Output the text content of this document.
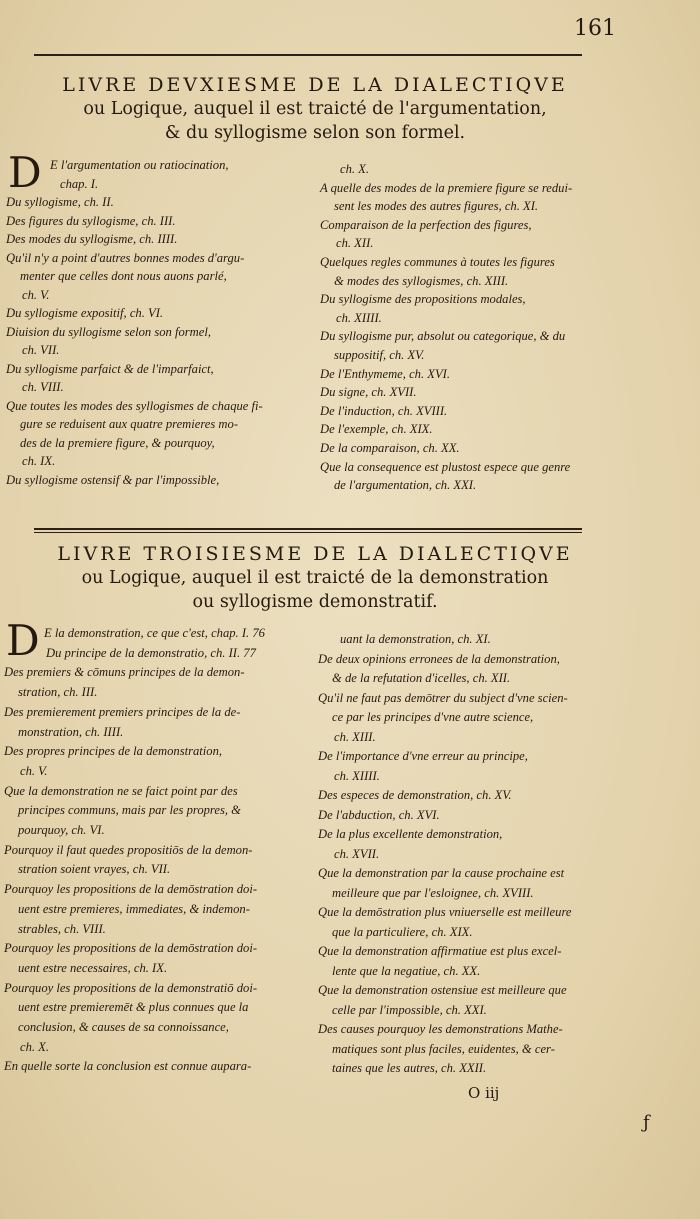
161
LIVRE DEVXIESME DE LA DIALECTIQVE
ou Logique, auquel il est traicté de l'argumentation,
& du syllogisme selon son formel.
E l'argumentation ou ratiocination,
chap. I.
Du syllogisme, ch. II.
Des figures du syllogisme, ch. III.
Des modes du syllogisme, ch. IIII.
Qu'il n'y a point d'autres bonnes modes d'argu-
menter que celles dont nous auons parlé,
ch. V.
Du syllogisme expositif, ch. VI.
Diuision du syllogisme selon son formel,
ch. VII.
Du syllogisme parfaict & de l'imparfaict,
ch. VIII.
Que toutes les modes des syllogismes de chaque fi-
gure se reduisent aux quatre premieres mo-
des de la premiere figure, & pourquoy,
ch. IX.
Du syllogisme ostensif & par l'impossible,
ch. X.
A quelle des modes de la premiere figure se redui-
sent les modes des autres figures, ch. XI.
Comparaison de la perfection des figures,
ch. XII.
Quelques regles communes à toutes les figures
& modes des syllogismes, ch. XIII.
Du syllogisme des propositions modales,
ch. XIIII.
Du syllogisme pur, absolut ou categorique, & du
suppositif, ch. XV.
De l'Enthymeme, ch. XVI.
Du signe, ch. XVII.
De l'induction, ch. XVIII.
De l'exemple, ch. XIX.
De la comparaison, ch. XX.
Que la consequence est plustost espece que genre
de l'argumentation, ch. XXI.
D
LIVRE TROISIESME DE LA DIALECTIQVE
ou Logique, auquel il est traicté de la demonstration
ou syllogisme demonstratif.
E la demonstration, ce que c'est, chap. I. 76
Du principe de la demonstratio, ch. II. 77
Des premiers & cōmuns principes de la demon-
stration, ch. III.
Des premierement premiers principes de la de-
monstration, ch. IIII.
Des propres principes de la demonstration,
ch. V.
Que la demonstration ne se faict point par des
principes communs, mais par les propres, &
pourquoy, ch. VI.
Pourquoy il faut quedes propositiōs de la demon-
stration soient vrayes, ch. VII.
Pourquoy les propositions de la demōstration doi-
uent estre premieres, immediates, & indemon-
strables, ch. VIII.
Pourquoy les propositions de la demōstration doi-
uent estre necessaires, ch. IX.
Pourquoy les propositions de la demonstratiō doi-
uent estre premieremēt & plus connues que la
conclusion, & causes de sa connoissance,
ch. X.
En quelle sorte la conclusion est connue aupara-
uant la demonstration, ch. XI.
De deux opinions erronees de la demonstration,
& de la refutation d'icelles, ch. XII.
Qu'il ne faut pas demōtrer du subject d'vne scien-
ce par les principes d'vne autre science,
ch. XIII.
De l'importance d'vne erreur au principe,
ch. XIIII.
Des especes de demonstration, ch. XV.
De l'abduction, ch. XVI.
De la plus excellente demonstration,
ch. XVII.
Que la demonstration par la cause prochaine est
meilleure que par l'esloignee, ch. XVIII.
Que la demōstration plus vniuerselle est meilleure
que la particuliere, ch. XIX.
Que la demonstration affirmatiue est plus excel-
lente que la negatiue, ch. XX.
Que la demonstration ostensiue est meilleure que
celle par l'impossible, ch. XXI.
Des causes pourquoy les demonstrations Mathe-
matiques sont plus faciles, euidentes, & cer-
taines que les autres, ch. XXII.
D
O iij
ƒ
